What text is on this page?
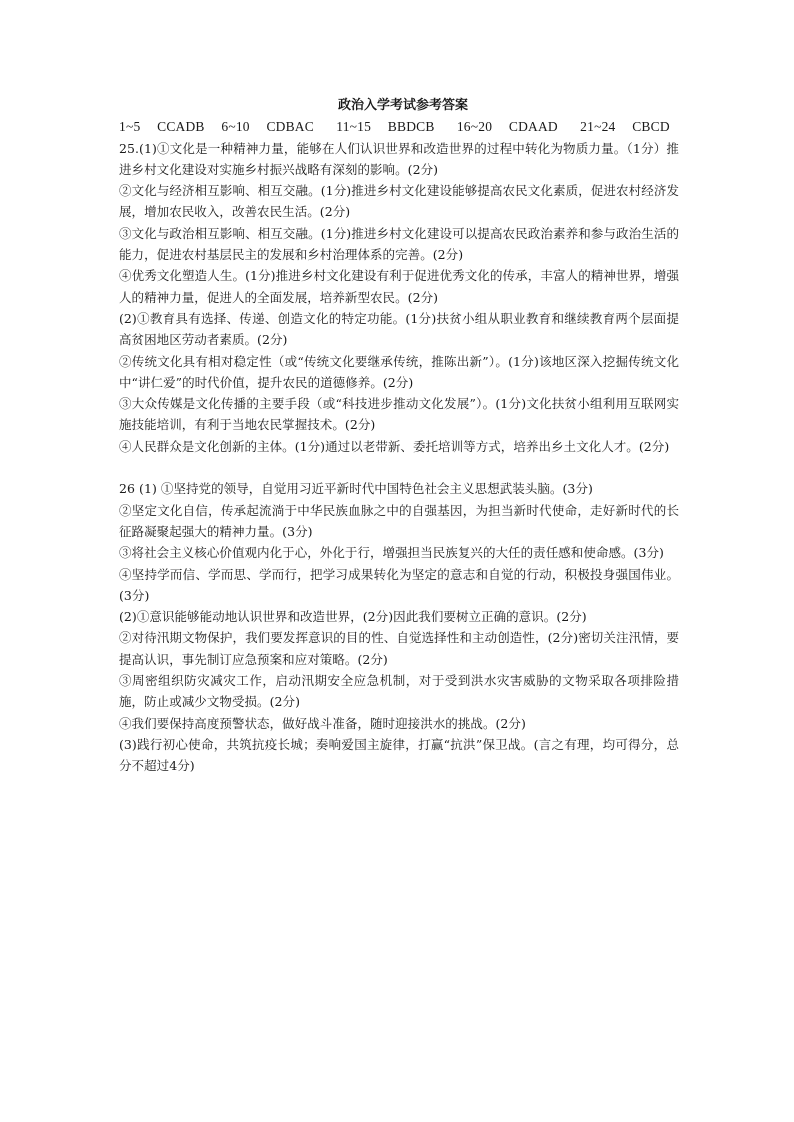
政治入学考试参考答案
1~5   CCADB   6~10   CDBAC    11~15   BBDCB    16~20   CDAAD    21~24   CBCD

25.(1)①文化是一种精神力量，能够在人们认识世界和改造世界的过程中转化为物质力量。（1分）推进乡村文化建设对实施乡村振兴战略有深刻的影响。(2分)

②文化与经济相互影响、相互交融。(1分)推进乡村文化建设能够提高农民文化素质，促进农村经济发展，增加农民收入，改善农民生活。(2分)

③文化与政治相互影响、相互交融。(1分)推进乡村文化建设可以提高农民政治素养和参与政治生活的能力，促进农村基层民主的发展和乡村治理体系的完善。(2分)

④优秀文化塑造人生。(1分)推进乡村文化建设有利于促进优秀文化的传承，丰富人的精神世界，增强人的精神力量，促进人的全面发展，培养新型农民。(2分)

(2)①教育具有选择、传递、创造文化的特定功能。(1分)扶贫小组从职业教育和继续教育两个层面提高贫困地区劳动者素质。(2分)

②传统文化具有相对稳定性（或“传统文化要继承传统，推陈出新”）。(1分)该地区深入挖掘传统文化中“讲仁爱”的时代价值，提升农民的道德修养。(2分)

③大众传媒是文化传播的主要手段（或“科技进步推动文化发展”）。(1分)文化扶贫小组利用互联网实施技能培训，有利于当地农民掌握技术。(2分)

④人民群众是文化创新的主体。(1分)通过以老带新、委托培训等方式，培养出乡土文化人才。(2分)

26 (1) ①坚持党的领导，自觉用习近平新时代中国特色社会主义思想武装头脑。(3分)

②坚定文化自信，传承起流淌于中华民族血脉之中的自强基因，为担当新时代使命，走好新时代的长征路凝聚起强大的精神力量。(3分)

③将社会主义核心价值观内化于心，外化于行，增强担当民族复兴的大任的责任感和使命感。(3分)

④坚持学而信、学而思、学而行，把学习成果转化为坚定的意志和自觉的行动，积极投身强国伟业。(3分)

(2)①意识能够能动地认识世界和改造世界，(2分)因此我们要树立正确的意识。(2分)

②对待汛期文物保护，我们要发挥意识的目的性、自觉选择性和主动创造性，(2分)密切关注汛情，要提高认识，事先制订应急预案和应对策略。(2分)

③周密组织防灾减灾工作，启动汛期安全应急机制，对于受到洪水灾害威胁的文物采取各项排险措施，防止或减少文物受损。(2分)

④我们要保持高度预警状态，做好战斗准备，随时迎接洪水的挑战。(2分)

(3)践行初心使命，共筑抗疫长城；奏响爱国主旋律，打赢“抗洪”保卫战。(言之有理，均可得分，总分不超过4分)
